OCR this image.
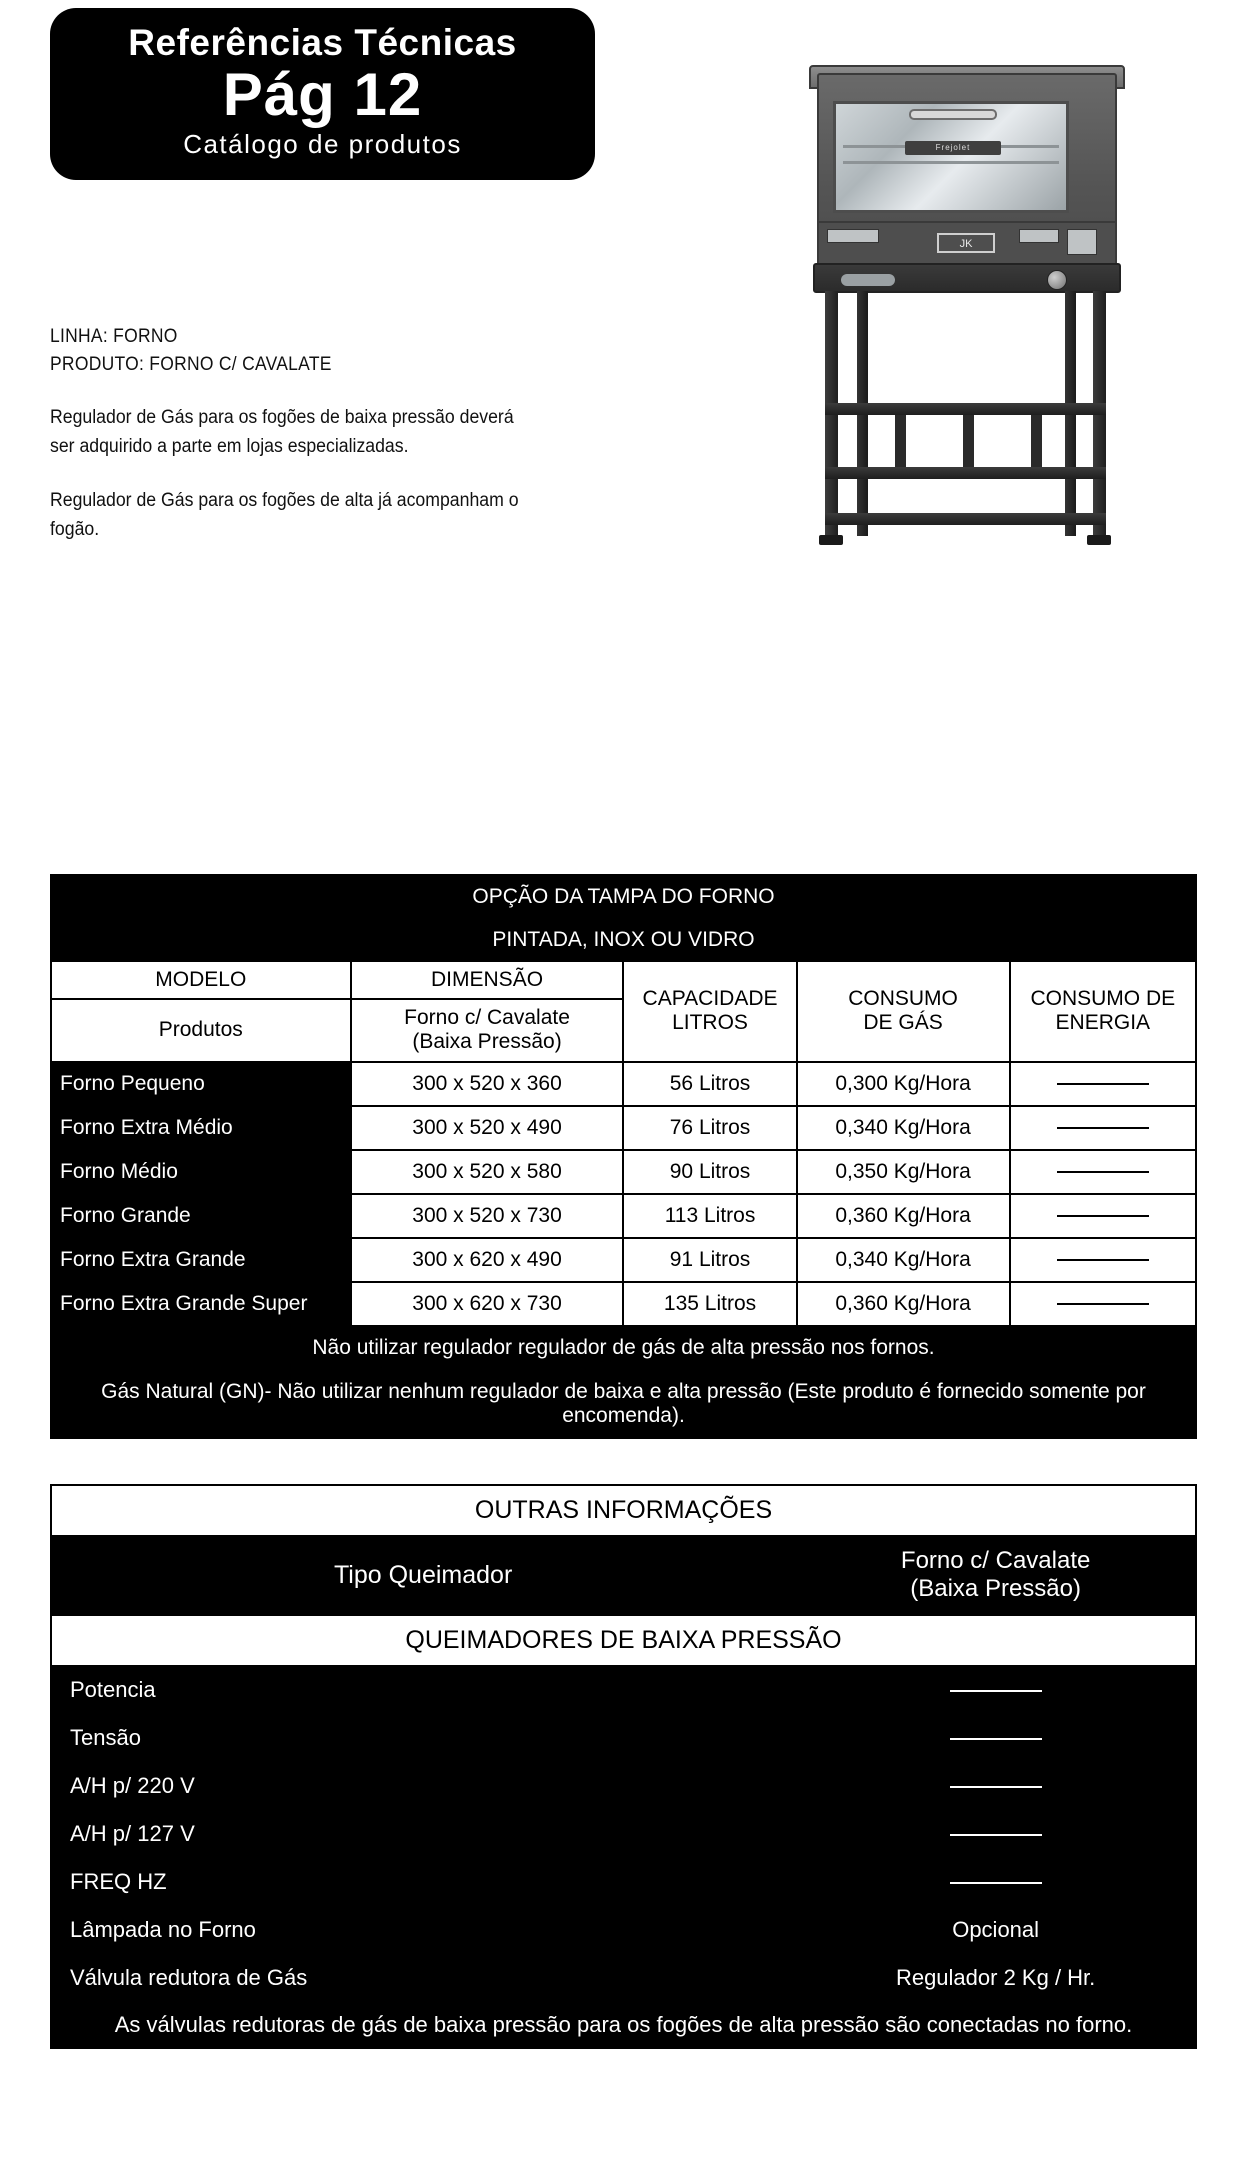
Referências Técnicas
Pág 12
Catálogo de produtos	Frejolet
JK
LINHA: FORNO
PRODUTO: FORNO C/ CAVALATE

Regulador de Gás para os fogões de baixa pressão deverá ser adquirido a parte em lojas especializadas.

Regulador de Gás para os fogões de alta já acompanham o fogão.

OPÇÃO DA TAMPA DO FORNO				
PINTADA, INOX OU VIDRO				
MODELO	DIMENSÃO	
CAPACIDADE
LITROS

CONSUMO
DE GÁS

CONSUMO DE
ENERGIA

Produtos	Forno c/ Cavalate
(Baixa Pressão)			

Forno Pequeno	300 x 520 x 360	56 Litros	0,300 Kg/Hora	
Forno Extra Médio	300 x 520 x 490	76 Litros	0,340 Kg/Hora	
Forno Médio	300 x 520 x 580	90 Litros	0,350 Kg/Hora	
Forno Grande	300 x 520 x 730	113 Litros	0,360 Kg/Hora	
Forno Extra Grande	300 x 620 x 490	91 Litros	0,340 Kg/Hora	
Forno Extra Grande Super	300 x 620 x 730	135 Litros	0,360 Kg/Hora	
Não utilizar regulador regulador de gás de alta pressão nos fornos.				
Gás Natural (GN)- Não utilizar nenhum regulador de baixa e alta pressão (Este produto é fornecido somente por encomenda).				
OUTRAS INFORMAÇÕES	
Tipo Queimador	Forno c/ Cavalate
(Baixa Pressão)

QUEIMADORES DE BAIXA PRESSÃO	
Potencia	
Tensão	
A/H p/ 220 V	
A/H p/ 127 V	
FREQ HZ	
Lâmpada no Forno	Opcional
Válvula redutora de Gás	Regulador 2 Kg / Hr.
As válvulas redutoras de gás de baixa pressão para os fogões de alta pressão são conectadas no forno.	
